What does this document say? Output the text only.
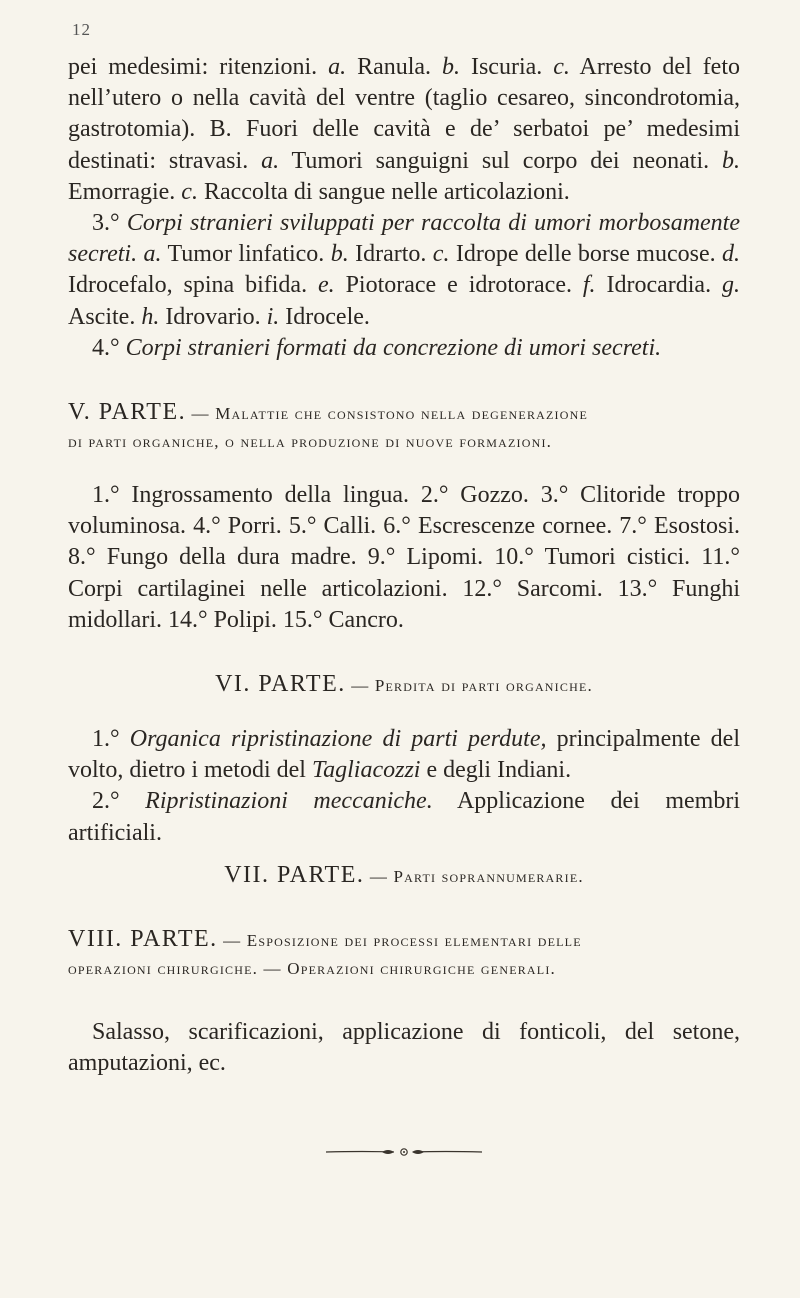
12

pei medesimi: ritenzioni. a. Ranula. b. Iscuria. c. Arresto del feto nell’utero o nella cavità del ventre (taglio cesareo, sincondrotomia, gastrotomia). B. Fuori delle cavità e de’ serbatoi pe’ medesimi destinati: stravasi. a. Tumori sanguigni sul corpo dei neonati. b. Emorragie. c. Raccolta di sangue nelle articolazioni.

3.° Corpi stranieri sviluppati per raccolta di umori morbosamente secreti. a. Tumor linfatico. b. Idrarto. c. Idrope delle borse mucose. d. Idrocefalo, spina bifida. e. Piotorace e idrotorace. f. Idrocardia. g. Ascite. h. Idrovario. i. Idrocele.

4.° Corpi stranieri formati da concrezione di umori secreti.

V. PARTE. — Malattie che consistono nella degenerazione
di parti organiche, o nella produzione di nuove formazioni.

1.° Ingrossamento della lingua. 2.° Gozzo. 3.° Clitoride troppo voluminosa. 4.° Porri. 5.° Calli. 6.° Escrescenze cornee. 7.° Esostosi. 8.° Fungo della dura madre. 9.° Lipomi. 10.° Tumori cistici. 11.° Corpi cartilaginei nelle articolazioni. 12.° Sarcomi. 13.° Funghi midollari. 14.° Polipi. 15.° Cancro.

VI. PARTE. — Perdita di parti organiche.

1.° Organica ripristinazione di parti perdute, principalmente del volto, dietro i metodi del Tagliacozzi e degli Indiani.

2.° Ripristinazioni meccaniche. Applicazione dei membri artificiali.

VII. PARTE. — Parti soprannumerarie.
VIII. PARTE. — Esposizione dei processi elementari delle
operazioni chirurgiche. — Operazioni chirurgiche generali.

Salasso, scarificazioni, applicazione di fonticoli, del setone, amputazioni, ec.
